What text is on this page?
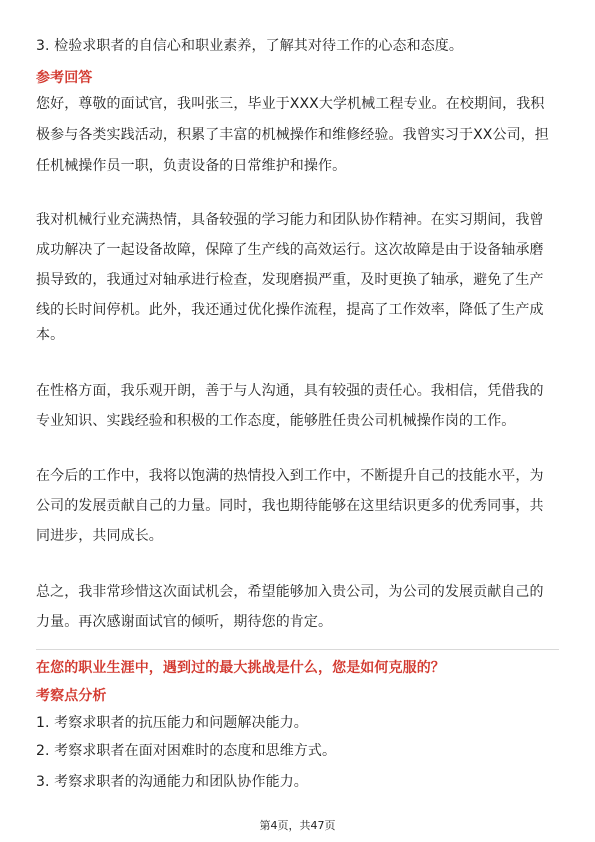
3. 检验求职者的自信心和职业素养，了解其对待工作的心态和态度。
参考回答
您好，尊敬的面试官，我叫张三，毕业于XXX大学机械工程专业。在校期间，我积
极参与各类实践活动，积累了丰富的机械操作和维修经验。我曾实习于XX公司，担
任机械操作员一职，负责设备的日常维护和操作。
我对机械行业充满热情，具备较强的学习能力和团队协作精神。在实习期间，我曾
成功解决了一起设备故障，保障了生产线的高效运行。这次故障是由于设备轴承磨
损导致的，我通过对轴承进行检查，发现磨损严重，及时更换了轴承，避免了生产
线的长时间停机。此外，我还通过优化操作流程，提高了工作效率，降低了生产成
本。
在性格方面，我乐观开朗，善于与人沟通，具有较强的责任心。我相信，凭借我的
专业知识、实践经验和积极的工作态度，能够胜任贵公司机械操作岗的工作。
在今后的工作中，我将以饱满的热情投入到工作中，不断提升自己的技能水平，为
公司的发展贡献自己的力量。同时，我也期待能够在这里结识更多的优秀同事，共
同进步，共同成长。
总之，我非常珍惜这次面试机会，希望能够加入贵公司，为公司的发展贡献自己的
力量。再次感谢面试官的倾听，期待您的肯定。
在您的职业生涯中，遇到过的最大挑战是什么，您是如何克服的？
考察点分析
1. 考察求职者的抗压能力和问题解决能力。
2. 考察求职者在面对困难时的态度和思维方式。
3. 考察求职者的沟通能力和团队协作能力。
第4页，共47页
